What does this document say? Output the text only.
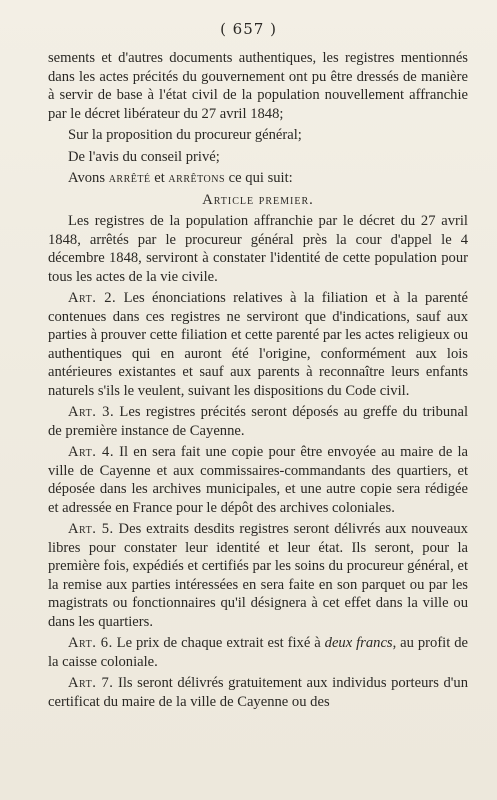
( 657 )

sements et d'autres documents authentiques, les registres mentionnés dans les actes précités du gouvernement ont pu être dressés de manière à servir de base à l'état civil de la population nouvellement affranchie par le décret libérateur du 27 avril 1848;

Sur la proposition du procureur général;

De l'avis du conseil privé;

Avons arrêté et arrêtons ce qui suit:

Article premier.

Les registres de la population affranchie par le décret du 27 avril 1848, arrêtés par le procureur général près la cour d'appel le 4 décembre 1848, serviront à constater l'identité de cette population pour tous les actes de la vie civile.

Art. 2. Les énonciations relatives à la filiation et à la parenté contenues dans ces registres ne serviront que d'indications, sauf aux parties à prouver cette filiation et cette parenté par les actes religieux ou authentiques qui en auront été l'origine, conformément aux lois antérieures existantes et sauf aux parents à reconnaître leurs enfants naturels s'ils le veulent, suivant les dispositions du Code civil.

Art. 3. Les registres précités seront déposés au greffe du tribunal de première instance de Cayenne.

Art. 4. Il en sera fait une copie pour être envoyée au maire de la ville de Cayenne et aux commissaires-commandants des quartiers, et déposée dans les archives municipales, et une autre copie sera rédigée et adressée en France pour le dépôt des archives coloniales.

Art. 5. Des extraits desdits registres seront délivrés aux nouveaux libres pour constater leur identité et leur état. Ils seront, pour la première fois, expédiés et certifiés par les soins du procureur général, et la remise aux parties intéressées en sera faite en son parquet ou par les magistrats ou fonctionnaires qu'il désignera à cet effet dans la ville ou dans les quartiers.

Art. 6. Le prix de chaque extrait est fixé à deux francs, au profit de la caisse coloniale.

Art. 7. Ils seront délivrés gratuitement aux individus porteurs d'un certificat du maire de la ville de Cayenne ou des
